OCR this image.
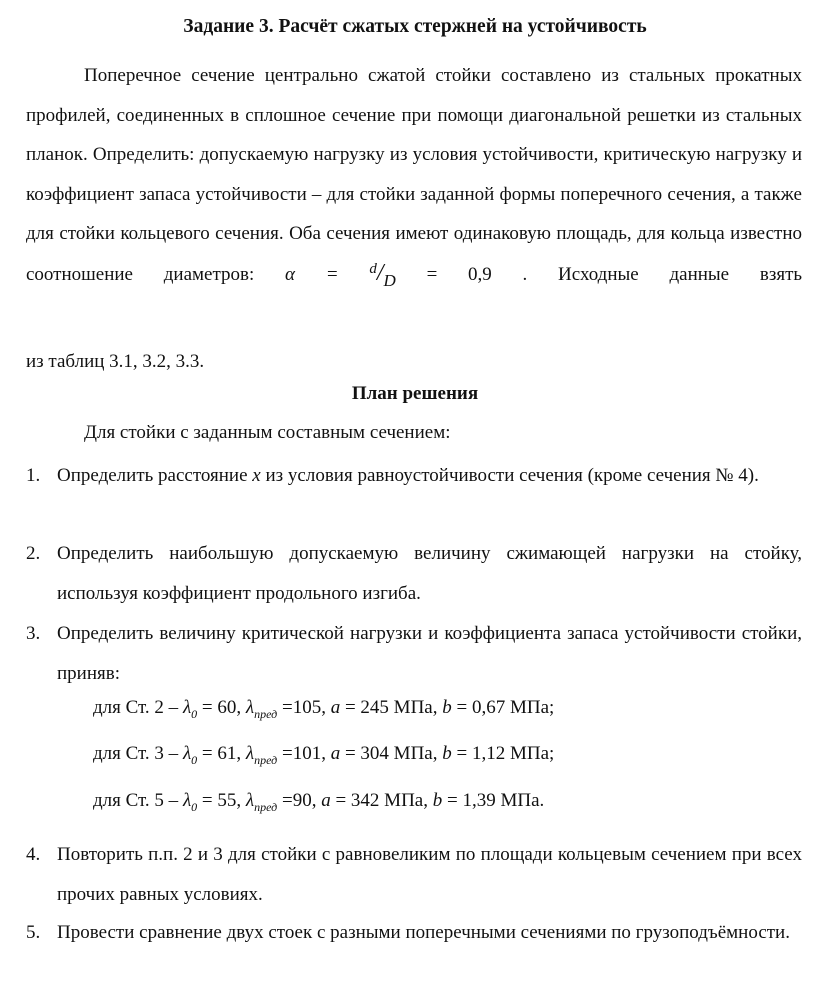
Задание 3. Расчёт сжатых стержней на устойчивость
Поперечное сечение центрально сжатой стойки составлено из стальных прокатных профилей, соединенных в сплошное сечение при помощи диагональной решетки из стальных планок. Определить: допускаемую нагрузку из условия устойчивости, критическую нагрузку и коэффициент запаса устойчивости – для стойки заданной формы поперечного сечения, а также для стойки кольцевого сечения. Оба сечения имеют одинаковую площадь, для кольца известно соотношение диаметров: α = $^d$/D = 0,9 . Исходные данные взять
из таблиц 3.1, 3.2, 3.3.
План решения
Для стойки с заданным составным сечением:
1. Определить расстояние x из условия равноустойчивости сечения (кроме сечения № 4).
2. Определить наибольшую допускаемую величину сжимающей нагрузки на стойку, используя коэффициент продольного изгиба.
3. Определить величину критической нагрузки и коэффициента запаса устойчивости стойки, приняв:
для Ст. $2 - \lambda_0 = 60$, $\lambda_{пред} =105$, a = 245 МПа, b = 0,67 МПа;
для Ст. $3 - \lambda_0 = 61$, $\lambda_{пред} =101$, a = 304 МПа, b = 1,12 МПа;
для Ст. $5 - \lambda_0 = 55$, $\lambda_{пред} =90$, a = 342 МПа, b = 1,39 МПа.
4. Повторить п.п. 2 и 3 для стойки с равновеликим по площади кольцевым сечением при всех прочих равных условиях.
5. Провести сравнение двух стоек с разными поперечными сечениями по грузоподъёмности.
